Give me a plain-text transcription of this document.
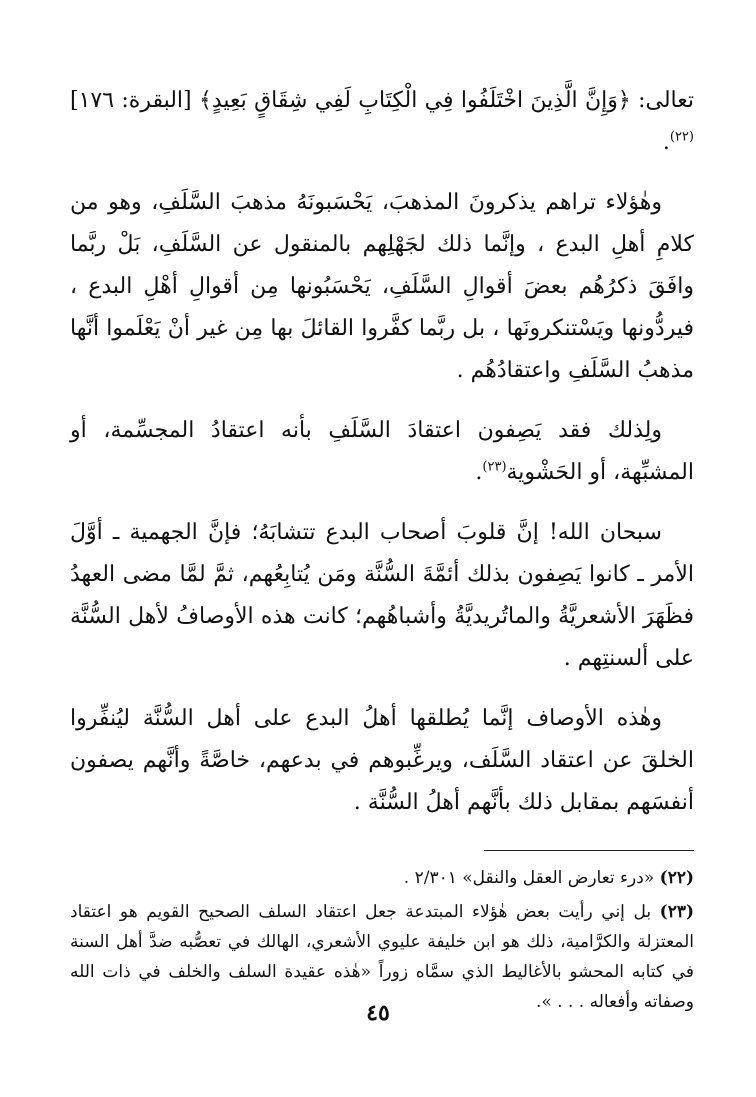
تعالى: ﴿وَإِنَّ الَّذِينَ اخْتَلَفُوا فِي الْكِتَابِ لَفِي شِقَاقٍ بَعِيدٍ﴾ [البقرة: ١٧٦]$^{(٢٢)}$.

وهٰؤلاء تراهم يذكرونَ المذهبَ، يَحْسَبونَهُ مذهبَ السَّلَفِ، وهو من كلامِ أهلِ البدع ، وإنَّما ذلك لجَهْلِهم بالمنقول عن السَّلَفِ، بَلْ ربَّما وافَقَ ذكرُهُم بعضَ أقوالِ السَّلَفِ، يَحْسَبُونها مِن أقوالِ أهْلِ البدع ، فيردُّونها ويَسْتنكرونَها ، بل ربَّما كفَّروا القائلَ بها مِن غير أنْ يَعْلَموا أنَّها مذهبُ السَّلَفِ واعتقادُهُم .

ولِذلك فقد يَصِفون اعتقادَ السَّلَفِ بأنه اعتقادُ المجسِّمة، أو المشبِّهة، أو الحَشْوية$^{(٢٣)}$.

سبحان الله! إنَّ قلوبَ أصحاب البدع تتشابَهُ؛ فإنَّ الجهمية ـ أوَّلَ الأمر ـ كانوا يَصِفون بذلك أئمَّةَ السُّنَّة ومَن يُتابِعُهم، ثمَّ لمَّا مضى العهدُ فظَهَرَ الأشعريَّةُ والماتُريديَّةُ وأشباهُهم؛ كانت هذه الأوصافُ لأهل السُّنَّة على ألسنتِهم .

وهٰذه الأوصاف إنَّما يُطلقها أهلُ البدع على أهل السُّنَّة ليُنفِّروا الخلقَ عن اعتقاد السَّلَف، ويرغِّبوهم في بدعهم، خاصَّةً وأنَّهم يصفون أنفسَهم بمقابل ذلك بأنَّهم أهلُ السُّنَّة .

(٢٢) «درء تعارض العقل والنقل» ٢/٣٠١ .

(٢٣) بل إني رأيت بعض هٰؤلاء المبتدعة جعل اعتقاد السلف الصحيح القويم هو اعتقاد المعتزلة والكرَّامية، ذلك هو ابن خليفة عليوي الأشعري، الهالك في تعصُّبه ضدَّ أهل السنة في كتابه المحشو بالأغاليط الذي سمَّاه زوراً «هٰذه عقيدة السلف والخلف في ذات الله وصفاته وأفعاله . . . ».

٤٥
